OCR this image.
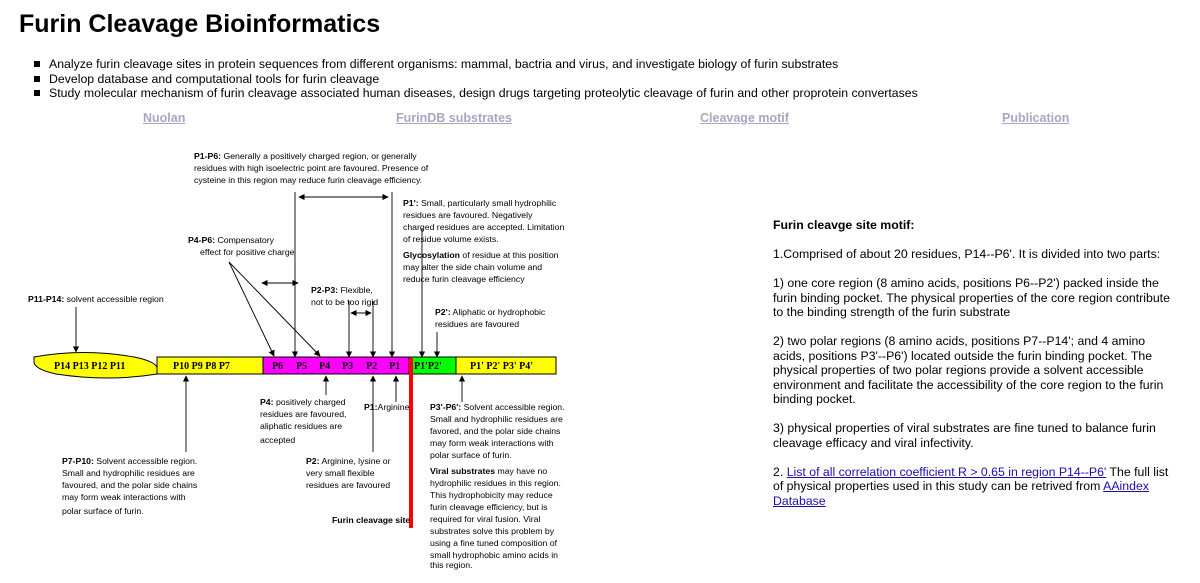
Furin Cleavage Bioinformatics
Analyze furin cleavage sites in protein sequences from different organisms: mammal, bactria and virus, and investigate biology of furin substrates
Develop database and computational tools for furin cleavage
Study molecular mechanism of furin cleavage associated human diseases, design drugs targeting proteolytic cleavage of furin and other proprotein convertases
Nuolan	FurinDB substrates	Cleavage motif	Publication
P14 P13 P12 P11	P10 P9 P8 P7	P6 P5 P4 P3 P2 P1 P1'P2'	P1' P2' P3' P4'
P1-P6: Generally a positively charged region, or generally
residues with high isoelectric point are favoured. Presence of
cysteine in this region may reduce furin cleavage efficiency.
P1': Small, particularly small hydrophilic
residues are favoured. Negatively
charged residues are accepted. Limitation
of residue volume exists.
Glycosylation of residue at this position
may alter the side chain volume and
reduce furin cleavage efficiency
P4-P6: Compensatory
effect for positive charge
P2-P3: Flexible,
not to be too rigid
P11-P14: solvent accessible region
P2': Aliphatic or hydrophobic
residues are favoured
P4: positively charged
residues are favoured,
aliphatic residues are
accepted
P1:Arginine P3'-P6': Solvent accessible region.
Small and hydrophilic residues are
favored, and the polar side chains
may form weak interactions with
polar surface of furin.
Viral substrates may have no
hydrophilic residues in this region.
This hydrophobicity may reduce
furin cleavage efficiency, but is
required for viral fusion. Viral
substrates solve this problem by
using a fine tuned composition of
small hydrophobic amino acids in
this region.
P7-P10: Solvent accessible region.
Small and hydrophilic residues are
favoured, and the polar side chains
may form weak interactions with
polar surface of furin.
P2: Arginine, lysine or
very small flexible
residues are favoured
Furin cleavage site

Furin cleavge site motif:

1.Comprised of about 20 residues, P14--P6'. It is divided into two parts:

1) one core region (8 amino acids, positions P6--P2') packed inside the furin binding pocket. The physical properties of the core region contribute to the binding strength of the furin substrate

2) two polar regions (8 amino acids, positions P7--P14'; and 4 amino acids, positions P3'--P6') located outside the furin binding pocket. The physical properties of two polar regions provide a solvent accessible environment and facilitate the accessibility of the core region to the furin binding pocket.

3) physical properties of viral substrates are fine tuned to balance furin cleavage efficacy and viral infectivity.

2. List of all correlation coefficient R > 0.65 in region P14--P6' The full list of physical properties used in this study can be retrived from AAindex Database
